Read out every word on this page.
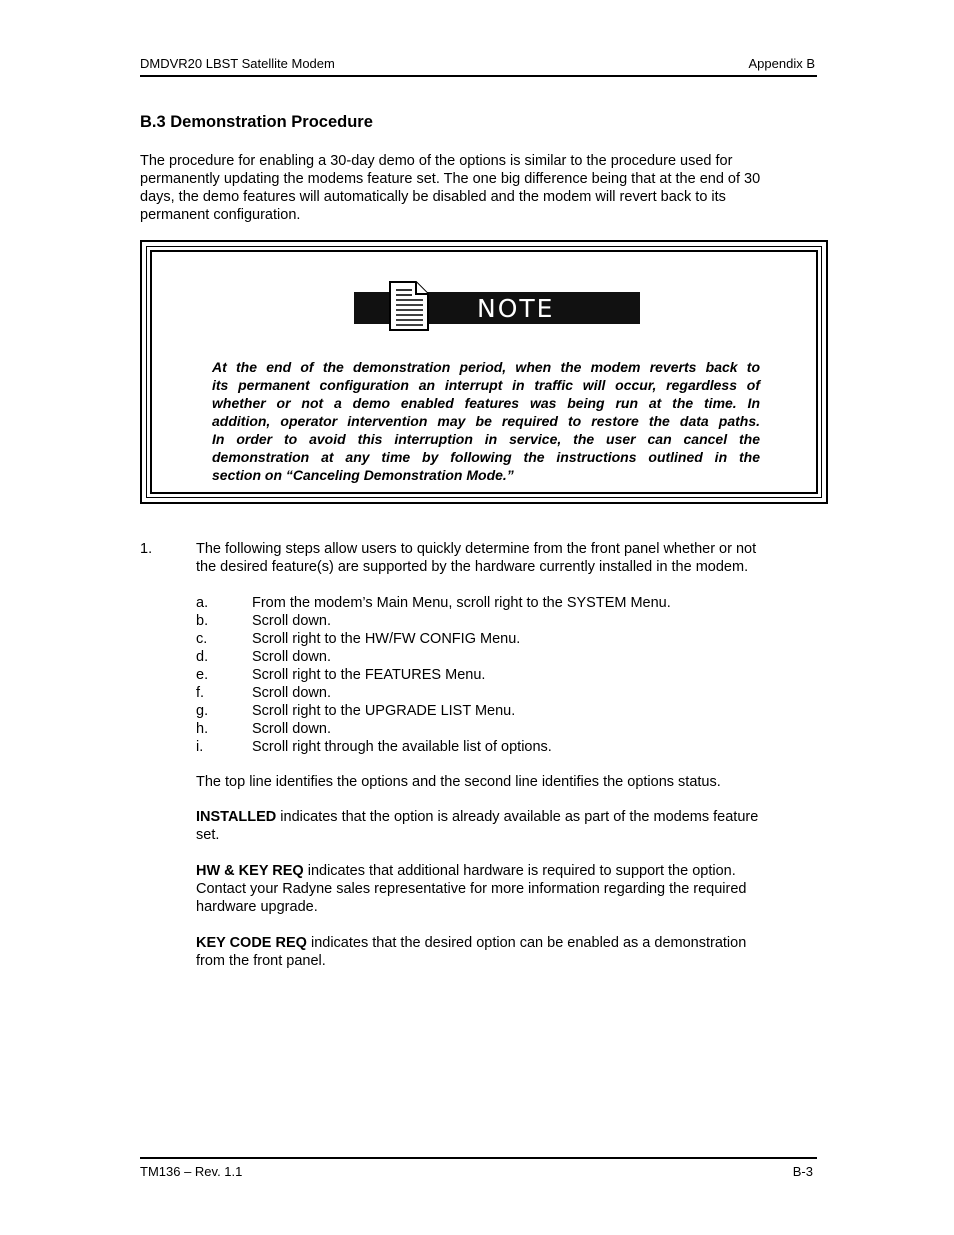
DMDVR20 LBST Satellite Modem	Appendix B
B.3 Demonstration Procedure
The procedure for enabling a 30-day demo of the options is similar to the procedure used for
permanently updating the modems feature set. The one big difference being that at the end of 30
days, the demo features will automatically be disabled and the modem will revert back to its
permanent configuration.
NOTE
At the end of the demonstration period, when the modem reverts back to
its permanent configuration an interrupt in traffic will occur, regardless of
whether or not a demo enabled features was being run at the time. In
addition, operator intervention may be required to restore the data paths.
In order to avoid this interruption in service, the user can cancel the
demonstration at any time by following the instructions outlined in the
section on “Canceling Demonstration Mode.”
1.	The following steps allow users to quickly determine from the front panel whether or not
the desired feature(s) are supported by the hardware currently installed in the modem.
a.	From the modem’s Main Menu, scroll right to the SYSTEM Menu.
b.	Scroll down.
c.	Scroll right to the HW/FW CONFIG Menu.
d.	Scroll down.
e.	Scroll right to the FEATURES Menu.
f.	Scroll down.
g.	Scroll right to the UPGRADE LIST Menu.
h.	Scroll down.
i.	Scroll right through the available list of options.
The top line identifies the options and the second line identifies the options status.
INSTALLED indicates that the option is already available as part of the modems feature
set.
HW & KEY REQ indicates that additional hardware is required to support the option.
Contact your Radyne sales representative for more information regarding the required
hardware upgrade.
KEY CODE REQ indicates that the desired option can be enabled as a demonstration
from the front panel.
TM136 – Rev. 1.1	B-3
